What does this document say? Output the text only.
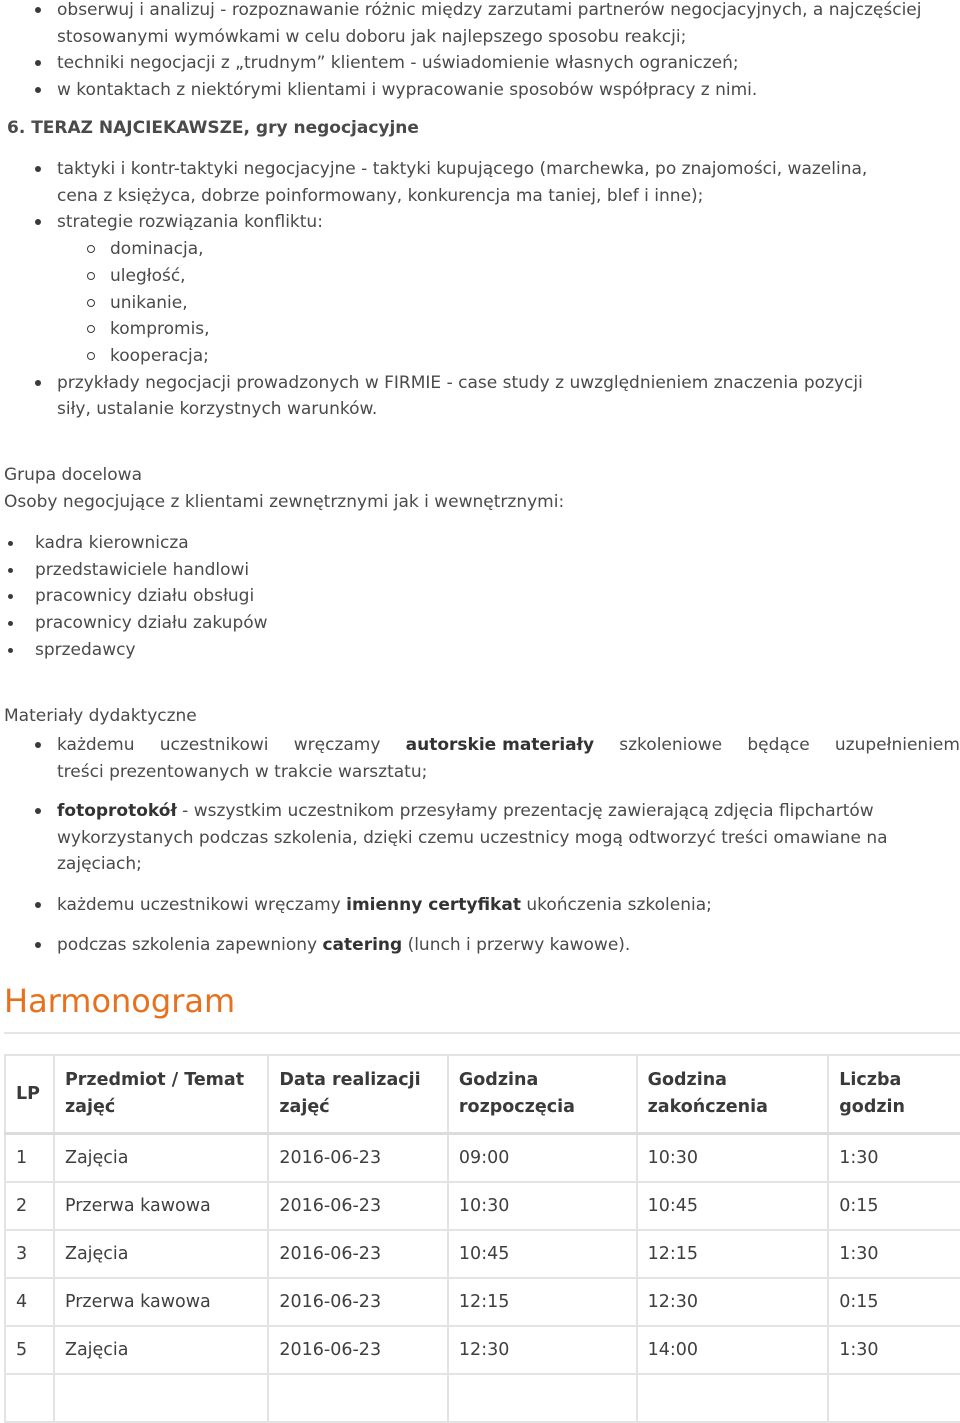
obserwuj i analizuj - rozpoznawanie różnic między zarzutami partnerów negocjacyjnych, a najczęściej stosowanymi wymówkami w celu doboru jak najlepszego sposobu reakcji;
techniki negocjacji z „trudnym” klientem - uświadomienie własnych ograniczeń;
w kontaktach z niektórymi klientami i wypracowanie sposobów współpracy z nimi.
6. TERAZ NAJCIEKAWSZE, gry negocjacyjne
taktyki i kontr-taktyki negocjacyjne - taktyki kupującego (marchewka, po znajomości, wazelina,
cena z księżyca, dobrze poinformowany, konkurencja ma taniej, blef i inne);
strategie rozwiązania konfliktu:
dominacja,
uległość,
unikanie,
kompromis,
kooperacja;
przykłady negocjacji prowadzonych w FIRMIE - case study z uwzględnieniem znaczenia pozycji
siły, ustalanie korzystnych warunków.
Grupa docelowa
Osoby negocjujące z klientami zewnętrznymi jak i wewnętrznymi:
kadra kierownicza
przedstawiciele handlowi
pracownicy działu obsługi
pracownicy działu zakupów
sprzedawcy
Materiały dydaktyczne
każdemu uczestnikowi wręczamy autorskie materiały szkoleniowe będące uzupełnieniem
treści prezentowanych w trakcie warsztatu;
fotoprotokół - wszystkim uczestnikom przesyłamy prezentację zawierającą zdjęcia flipchartów
wykorzystanych podczas szkolenia, dzięki czemu uczestnicy mogą odtworzyć treści omawiane na
zajęciach;
każdemu uczestnikowi wręczamy imienny certyfikat ukończenia szkolenia;
podczas szkolenia zapewniony catering (lunch i przerwy kawowe).
Harmonogram
LP	Przedmiot / Temat zajęć	Data realizacji zajęć	Godzina rozpoczęcia	Godzina zakończenia	Liczba godzin
1	Zajęcia	2016-06-23	09:00	10:30	1:30
2	Przerwa kawowa	2016-06-23	10:30	10:45	0:15
3	Zajęcia	2016-06-23	10:45	12:15	1:30
4	Przerwa kawowa	2016-06-23	12:15	12:30	0:15
5	Zajęcia	2016-06-23	12:30	14:00	1:30
